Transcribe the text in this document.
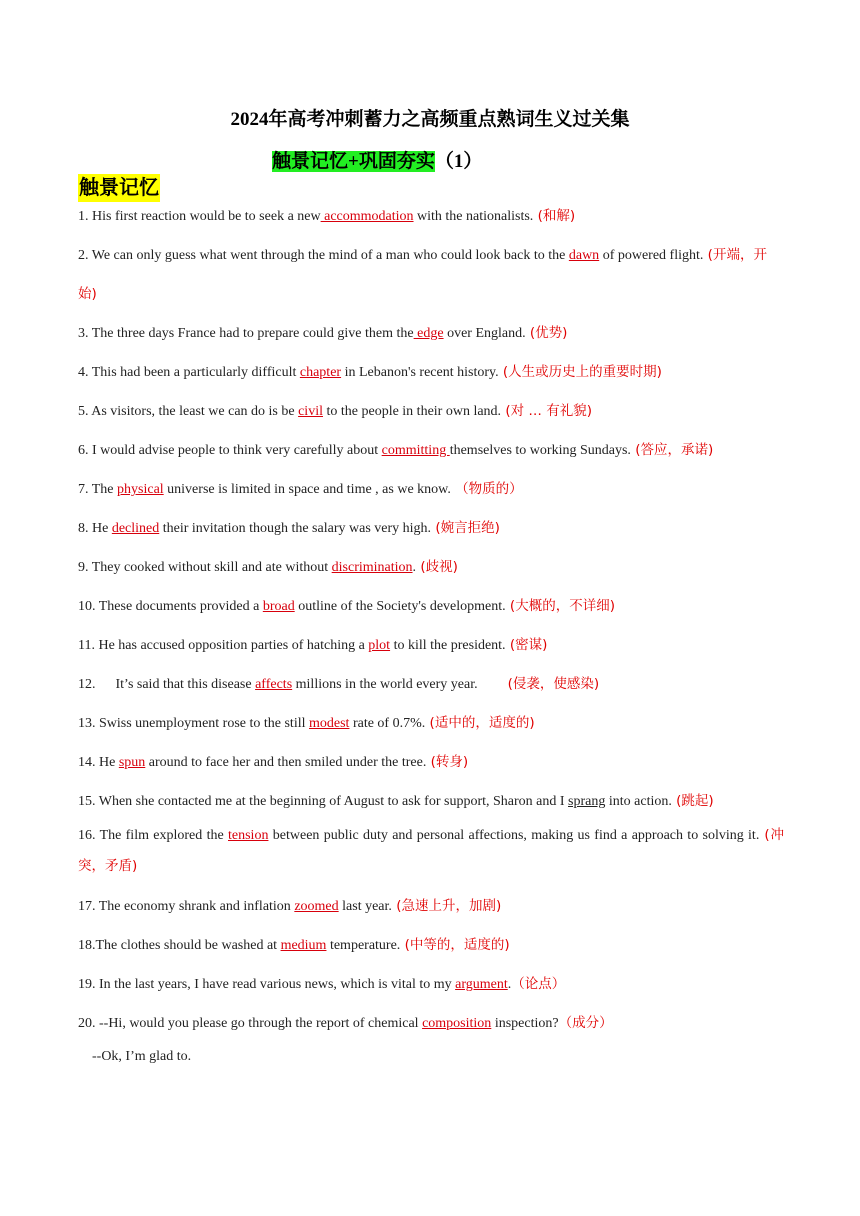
2024年高考冲刺蓄力之高频重点熟词生义过关集
触景记忆+巩固夯实（1）
触景记忆
1. His first reaction would be to seek a new accommodation with the nationalists. (和解)
2. We can only guess what went through the mind of a man who could look back to the dawn of powered flight. (开端，开始)
3. The three days France had to prepare could give them the edge over England. (优势)
4. This had been a particularly difficult chapter in Lebanon's recent history. (人生或历史上的重要时期)
5. As visitors, the least we can do is be civil to the people in their own land. (对 … 有礼貌)
6. I would advise people to think very carefully about committing themselves to working Sundays. (答应，承诺)
7. The physical universe is limited in space and time , as we know. （物质的）
8. He declined their invitation though the salary was very high. (婉言拒绝)
9. They cooked without skill and ate without discrimination. (歧视)
10. These documents provided a broad outline of the Society's development. (大概的，不详细)
11. He has accused opposition parties of hatching a plot to kill the president. (密谋)
12. It’s said that this disease affects millions in the world every year. (侵袭，使感染)
13. Swiss unemployment rose to the still modest rate of 0.7%. (适中的，适度的)
14. He spun around to face her and then smiled under the tree. (转身)
15. When she contacted me at the beginning of August to ask for support, Sharon and I sprang into action. (跳起)
16. The film explored the tension between public duty and personal affections, making us find a approach to solving it. (冲突，矛盾)
17. The economy shrank and inflation zoomed last year. (急速上升，加剧)
18.The clothes should be washed at medium temperature. (中等的，适度的)
19. In the last years, I have read various news, which is vital to my argument.（论点）
20. --Hi, would you please go through the report of chemical composition inspection?（成分）
--Ok, I’m glad to.
